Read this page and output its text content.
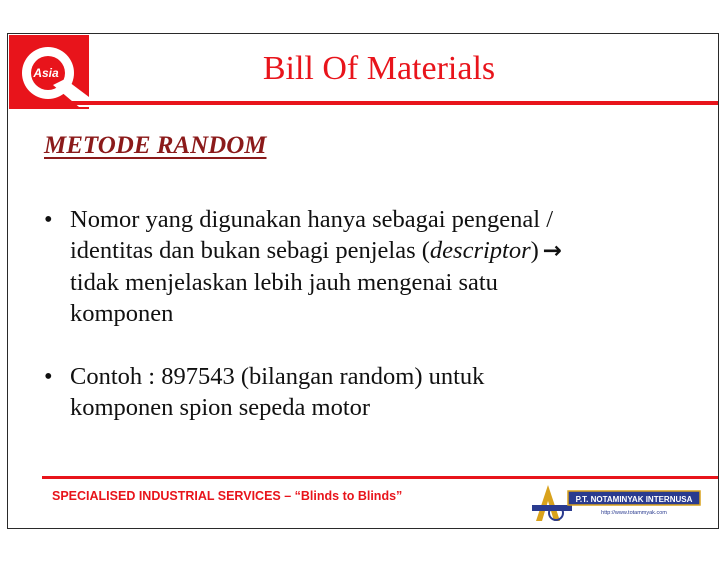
Asia	Bill Of Materials
METODE RANDOM
• Nomor yang digunakan hanya sebagai pengenal /
identitas dan bukan sebagi penjelas (descriptor) →
tidak menjelaskan lebih jauh mengenai satu
komponen
• Contoh : 897543 (bilangan random) untuk
komponen spion sepeda motor
SPECIALISED INDUSTRIAL SERVICES – “Blinds to Blinds”	P.T. NOTAMINYAK INTERNUSA
http://www.totammyak.com
